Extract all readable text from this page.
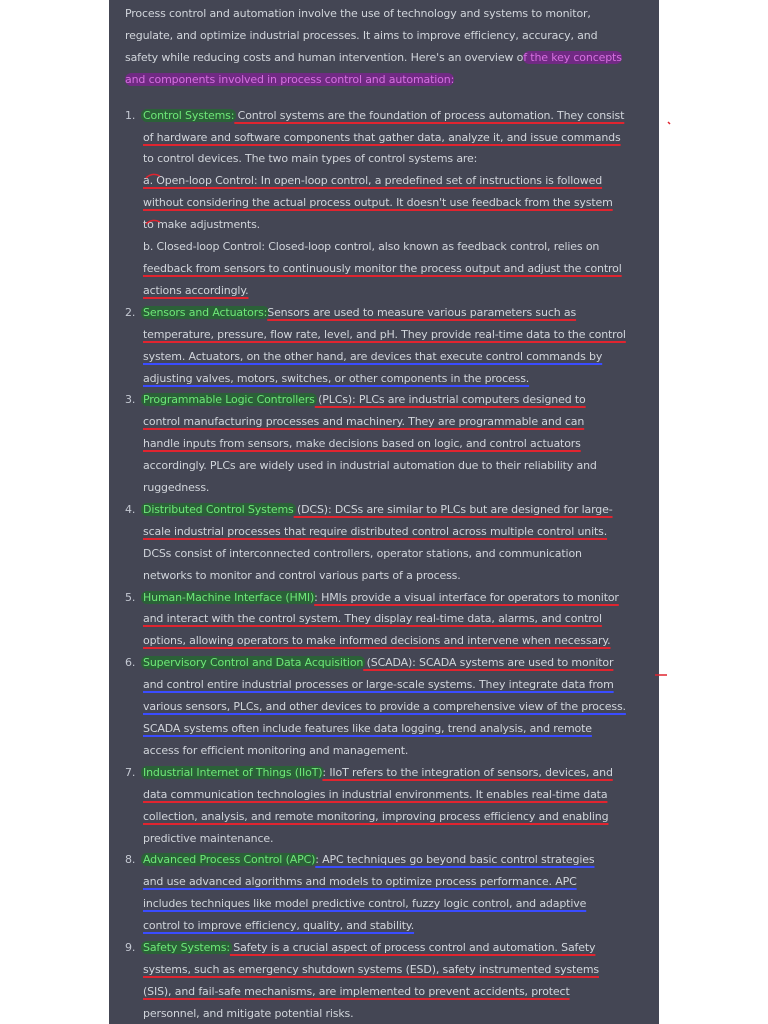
Process control and automation involve the use of technology and systems to monitor,
regulate, and optimize industrial processes. It aims to improve efficiency, accuracy, and
safety while reducing costs and human intervention. Here's an overview of the key concepts
and components involved in process control and automation:

1. Control Systems: Control systems are the foundation of process automation. They consist
of hardware and software components that gather data, analyze it, and issue commands
to control devices. The two main types of control systems are:
a. Open-loop Control: In open-loop control, a predefined set of instructions is followed
without considering the actual process output. It doesn't use feedback from the system
to make adjustments.
b. Closed-loop Control: Closed-loop control, also known as feedback control, relies on
feedback from sensors to continuously monitor the process output and adjust the control
actions accordingly.
2. Sensors and Actuators:Sensors are used to measure various parameters such as
temperature, pressure, flow rate, level, and pH. They provide real-time data to the control
system. Actuators, on the other hand, are devices that execute control commands by
adjusting valves, motors, switches, or other components in the process.
3. Programmable Logic Controllers (PLCs): PLCs are industrial computers designed to
control manufacturing processes and machinery. They are programmable and can
handle inputs from sensors, make decisions based on logic, and control actuators
accordingly. PLCs are widely used in industrial automation due to their reliability and
ruggedness.
4. Distributed Control Systems (DCS): DCSs are similar to PLCs but are designed for large-
scale industrial processes that require distributed control across multiple control units.
DCSs consist of interconnected controllers, operator stations, and communication
networks to monitor and control various parts of a process.
5. Human-Machine Interface (HMI): HMIs provide a visual interface for operators to monitor
and interact with the control system. They display real-time data, alarms, and control
options, allowing operators to make informed decisions and intervene when necessary.
6. Supervisory Control and Data Acquisition (SCADA): SCADA systems are used to monitor
and control entire industrial processes or large-scale systems. They integrate data from
various sensors, PLCs, and other devices to provide a comprehensive view of the process.
SCADA systems often include features like data logging, trend analysis, and remote
access for efficient monitoring and management.
7. Industrial Internet of Things (IIoT): IIoT refers to the integration of sensors, devices, and
data communication technologies in industrial environments. It enables real-time data
collection, analysis, and remote monitoring, improving process efficiency and enabling
predictive maintenance.
8. Advanced Process Control (APC): APC techniques go beyond basic control strategies
and use advanced algorithms and models to optimize process performance. APC
includes techniques like model predictive control, fuzzy logic control, and adaptive
control to improve efficiency, quality, and stability.
9. Safety Systems: Safety is a crucial aspect of process control and automation. Safety
systems, such as emergency shutdown systems (ESD), safety instrumented systems
(SIS), and fail-safe mechanisms, are implemented to prevent accidents, protect
personnel, and mitigate potential risks.
